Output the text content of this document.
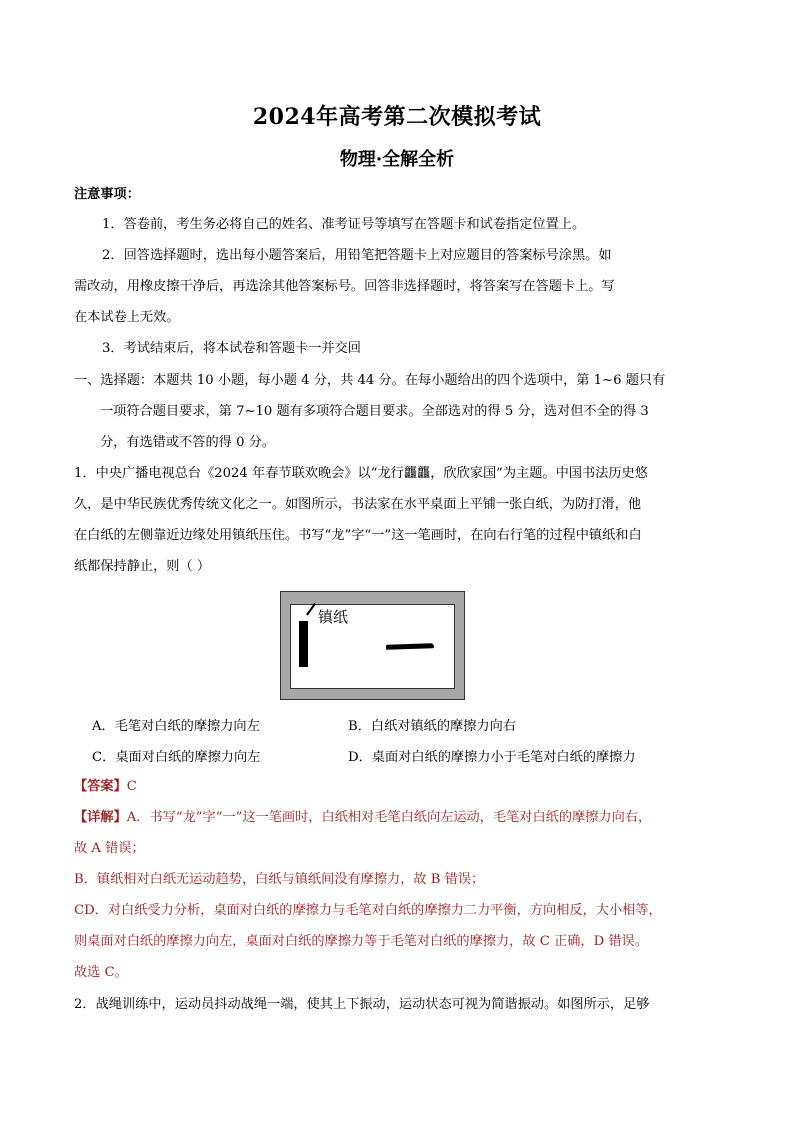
2024年高考第二次模拟考试
物理·全解全析
注意事项：
1．答卷前，考生务必将自己的姓名、准考证号等填写在答题卡和试卷指定位置上。
2．回答选择题时，选出每小题答案后，用铅笔把答题卡上对应题目的答案标号涂黑。如
需改动，用橡皮擦干净后，再选涂其他答案标号。回答非选择题时，将答案写在答题卡上。写
在本试卷上无效。
3．考试结束后，将本试卷和答题卡一并交回
一、选择题：本题共 10 小题，每小题 4 分，共 44 分。在每小题给出的四个选项中，第 1~6 题只有
一项符合题目要求，第 7~10 题有多项符合题目要求。全部选对的得 5 分，选对但不全的得 3
分，有选错或不答的得 0 分。
1．中央广播电视总台《2024 年春节联欢晚会》以“龙行龘龘，欣欣家国”为主题。中国书法历史悠
久，是中华民族优秀传统文化之一。如图所示，书法家在水平桌面上平铺一张白纸，为防打滑，他
在白纸的左侧靠近边缘处用镇纸压住。书写“龙”字“一”这一笔画时，在向右行笔的过程中镇纸和白
纸都保持静止，则（ ）
镇纸
A．毛笔对白纸的摩擦力向左	B．白纸对镇纸的摩擦力向右
C．桌面对白纸的摩擦力向左	D．桌面对白纸的摩擦力小于毛笔对白纸的摩擦力
【答案】C
【详解】A．书写“龙”字“一”这一笔画时，白纸相对毛笔白纸向左运动，毛笔对白纸的摩擦力向右，
故 A 错误；
B．镇纸相对白纸无运动趋势，白纸与镇纸间没有摩擦力，故 B 错误；
CD．对白纸受力分析，桌面对白纸的摩擦力与毛笔对白纸的摩擦力二力平衡，方向相反，大小相等，
则桌面对白纸的摩擦力向左，桌面对白纸的摩擦力等于毛笔对白纸的摩擦力，故 C 正确，D 错误。
故选 C。
2．战绳训练中，运动员抖动战绳一端，使其上下振动，运动状态可视为简谐振动。如图所示，足够
